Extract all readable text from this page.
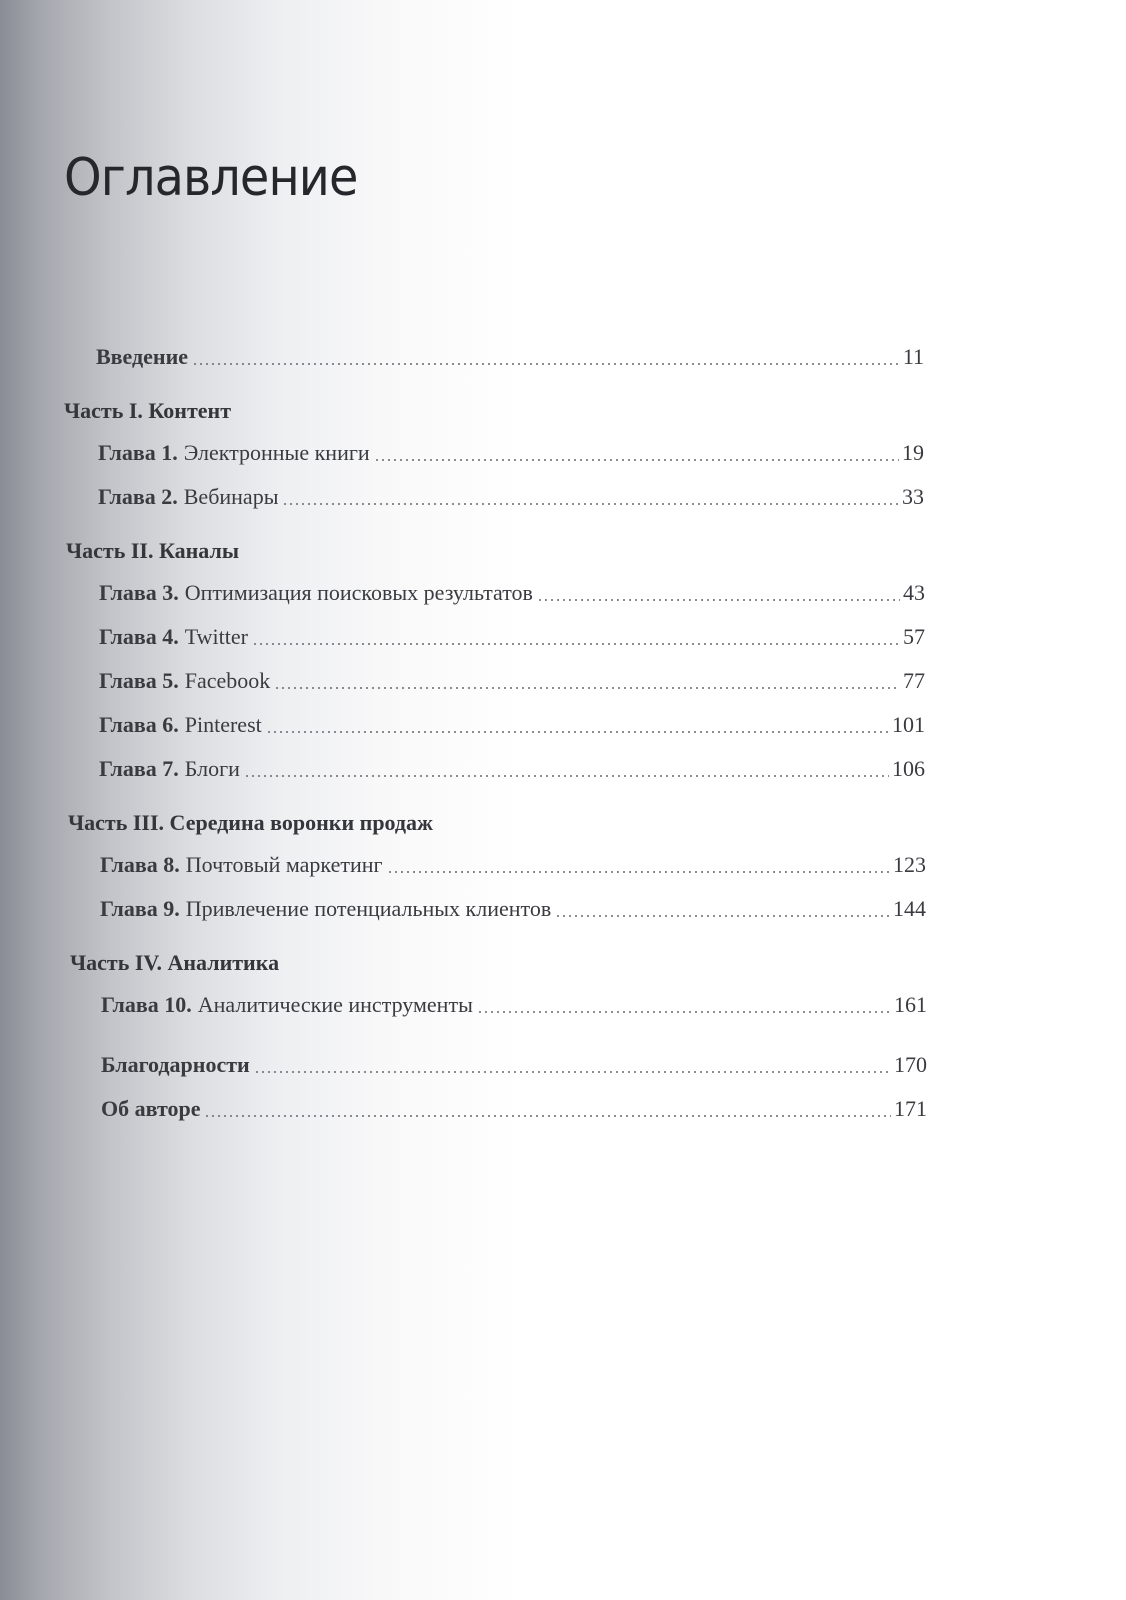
Оглавление
Введение	11
Часть I. Контент
Глава 1. Электронные книги	19
Глава 2. Вебинары	33
Часть II. Каналы
Глава 3. Оптимизация поисковых результатов	43
Глава 4. Twitter	57
Глава 5. Facebook	77
Глава 6. Pinterest	101
Глава 7. Блоги	106
Часть III. Середина воронки продаж
Глава 8. Почтовый маркетинг	123
Глава 9. Привлечение потенциальных клиентов	144
Часть IV. Аналитика
Глава 10. Аналитические инструменты	161
Благодарности	170
Об авторе	171
